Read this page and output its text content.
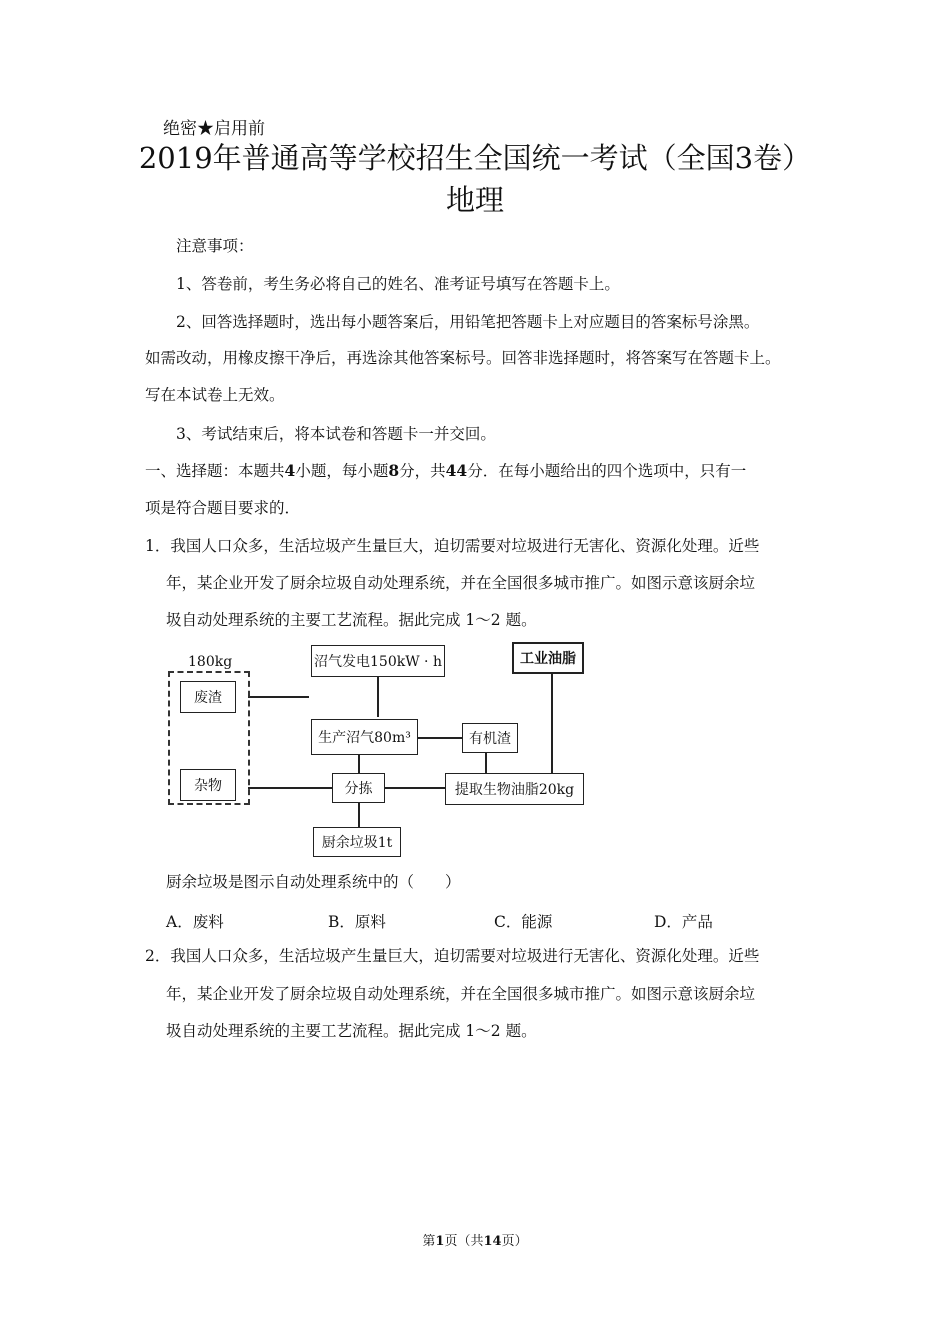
绝密★启用前
2019年普通高等学校招生全国统一考试（全国3卷）
地理
注意事项：
1、答卷前，考生务必将自己的姓名、准考证号填写在答题卡上。
2、回答选择题时，选出每小题答案后，用铅笔把答题卡上对应题目的答案标号涂黑。
如需改动，用橡皮擦干净后，再选涂其他答案标号。回答非选择题时，将答案写在答题卡上。
写在本试卷上无效。
3、考试结束后，将本试卷和答题卡一并交回。
一、选择题：本题共4小题，每小题8分，共44分．在每小题给出的四个选项中，只有一
项是符合题目要求的．
1．我国人口众多，生活垃圾产生量巨大，迫切需要对垃圾进行无害化、资源化处理。近些
年，某企业开发了厨余垃圾自动处理系统，并在全国很多城市推广。如图示意该厨余垃
圾自动处理系统的主要工艺流程。据此完成 1～2 题。
180kg
废渣
杂物
沼气发电150kW · h
生产沼气80m³
分拣
厨余垃圾1t
有机渣
工业油脂
提取生物油脂20kg
厨余垃圾是图示自动处理系统中的（　　）
A．废料	B．原料	C．能源	D．产品
2．我国人口众多，生活垃圾产生量巨大，迫切需要对垃圾进行无害化、资源化处理。近些
年，某企业开发了厨余垃圾自动处理系统，并在全国很多城市推广。如图示意该厨余垃
圾自动处理系统的主要工艺流程。据此完成 1～2 题。
第1页（共14页）
